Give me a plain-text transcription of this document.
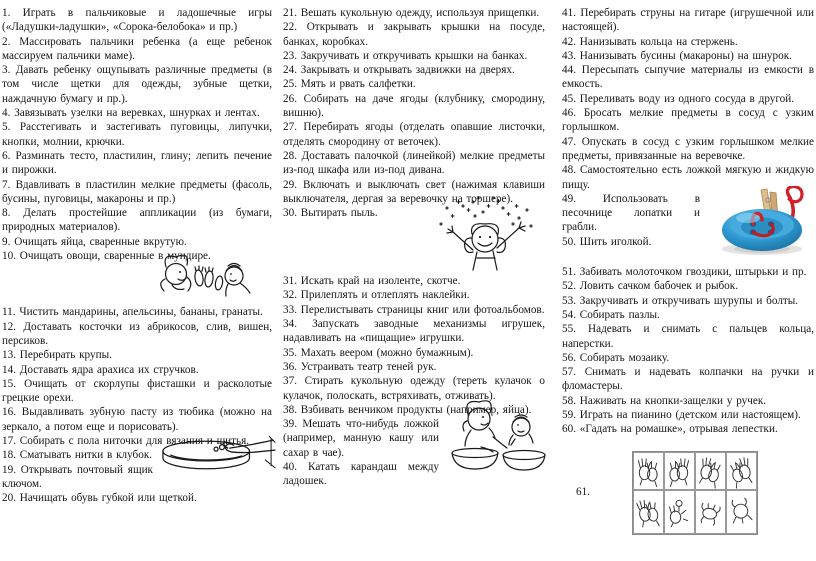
1. Играть в пальчиковые и ладошечные игры («Ладушки-ладушки», «Сорока-белобока» и пр.)

2. Массировать пальчики ребенка (а еще ребенок массируем пальчики маме).

3. Давать ребенку ощупывать различные предметы (в том числе щетки для одежды, зубные щетки, наждачную бумагу и пр.).

4. Завязывать узелки на веревках, шнурках и лентах.

5. Расстегивать и застегивать пуговицы, липучки, кнопки, молнии, крючки.

6. Разминать тесто, пластилин, глину; лепить печение и пирожки.

7. Вдавливать в пластилин мелкие предметы (фасоль, бусины, пуговицы, макароны и пр.)

8. Делать простейшие аппликации (из бумаги, природных материалов).

9. Очищать яйца, сваренные вкрутую.

10. Очищать овощи, сваренные в мундире.

11. Чистить мандарины, апельсины, бананы, гранаты.

12. Доставать косточки из абрикосов, слив, вишен, персиков.

13. Перебирать крупы.

14. Доставать ядра арахиса их стручков.

15. Очищать от скорлупы фисташки и расколотые грецкие орехи.

16. Выдавливать зубную пасту из тюбика (можно на зеркало, а потом еще и порисовать).

17. Собирать с пола ниточки для вязания и шитья.

18. Сматывать нитки в клубок.

19. Открывать почтовый ящик ключом.

20. Начищать обувь губкой или щеткой.

21. Вешать кукольную одежду, используя прищепки.

22. Открывать и закрывать крышки на посуде, банках, коробках.

23. Закручивать и откручивать крышки на банках.

24. Закрывать и открывать задвижки на дверях.

25. Мять и рвать салфетки.

26. Собирать на даче ягоды (клубнику, смородину, вишню).

27. Перебирать ягоды (отделать опавшие листочки, отделять смородину от веточек).

28. Доставать палочкой (линейкой) мелкие предметы из-под шкафа или из-под дивана.

29. Включать и выключать свет (нажимая клавиши выключателя, дергая за веревочку на торшере).

30. Вытирать пыль.

31. Искать край на изоленте, скотче.

32. Прилеплять и отлеплять наклейки.

33. Перелистывать страницы книг или фотоальбомов.

34. Запускать заводные механизмы игрушек, надавливать на «пищащие» игрушки.

35. Махать веером (можно бумажным).

36. Устраивать театр теней рук.

37. Стирать кукольную одежду (тереть кулачок о кулачок, полоскать, встряхивать, отживать).

38. Взбивать венчиком продукты (например, яйца).

39. Мешать что-нибудь ложкой (например, манную кашу или сахар в чае).

40. Катать карандаш между ладошек.

41. Перебирать струны на гитаре (игрушечной или настоящей).

42. Нанизывать кольца на стержень.

43. Нанизывать бусины (макароны) на шнурок.

44. Пересыпать сыпучие материалы из емкости в емкость.

45. Переливать воду из одного сосуда в другой.

46. Бросать мелкие предметы в сосуд с узким горлышком.

47. Опускать в сосуд с узким горлышком мелкие предметы, привязанные на веревочке.

48. Самостоятельно есть ложкой мягкую и жидкую пищу.

49. Использовать в песочнице лопатки и грабли.

50. Шить иголкой.

51. Забивать молоточком гвоздики, штырьки и пр.

52. Ловить сачком бабочек и рыбок.

53. Закручивать и откручивать шурупы и болты.

54. Собирать пазлы.

55. Надевать и снимать с пальцев кольца, наперстки.

56. Собирать мозаику.

57. Снимать и надевать колпачки на ручки и фломастеры.

58. Наживать на кнопки-защелки у ручек.

59. Играть на пианино (детском или настоящем).

60. «Гадать на ромашке», отрывая лепестки.

61.
